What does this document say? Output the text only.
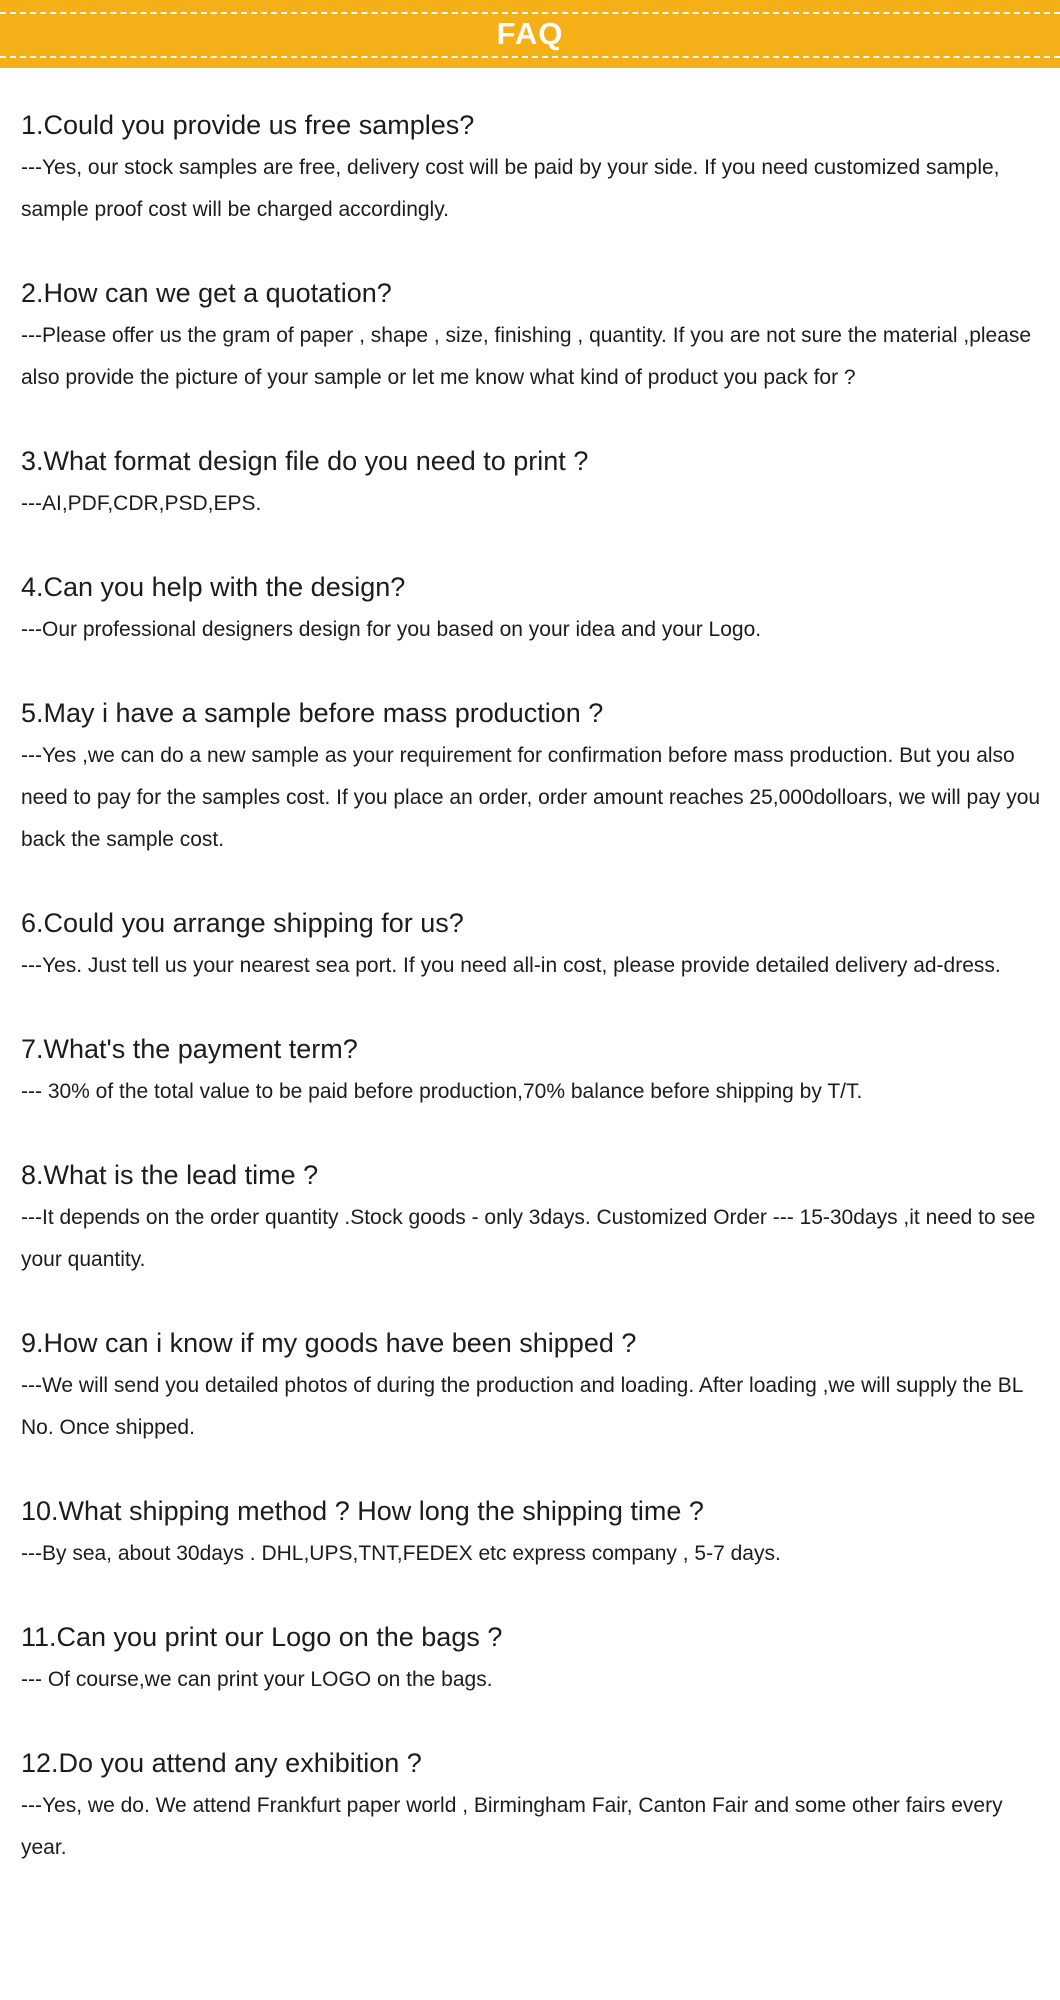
FAQ
1.Could you provide us free samples?

---Yes, our stock samples are free, delivery cost will be paid by your side. If you need customized sample, sample proof cost will be charged accordingly.

2.How can we get a quotation?

---Please offer us the gram of paper , shape , size, finishing , quantity. If you are not sure the material ,please also provide the picture of your sample or let me know what kind of product you pack for ?

3.What format design file do you need to print ?

---AI,PDF,CDR,PSD,EPS.

4.Can you help with the design?

---Our professional designers design for you based on your idea and your Logo.

5.May i have a sample before mass production ?

---Yes ,we can do a new sample as your requirement for confirmation before mass production. But you also need to pay for the samples cost. If you place an order, order amount reaches 25,000dolloars, we will pay you back the sample cost.

6.Could you arrange shipping for us?

---Yes. Just tell us your nearest sea port. If you need all-in cost, please provide detailed delivery ad-dress.

7.What's the payment term?

--- 30% of the total value to be paid before production,70% balance before shipping by T/T.

8.What is the lead time ?

---It depends on the order quantity .Stock goods - only 3days. Customized Order --- 15-30days ,it need to see your quantity.

9.How can i know if my goods have been shipped ?

---We will send you detailed photos of during the production and loading. After loading ,we will supply the BL No. Once shipped.

10.What shipping method ? How long the shipping time ?

---By sea, about 30days . DHL,UPS,TNT,FEDEX etc express company , 5-7 days.

11.Can you print our Logo on the bags ?

--- Of course,we can print your LOGO on the bags.

12.Do you attend any exhibition ?

---Yes, we do. We attend Frankfurt paper world , Birmingham Fair, Canton Fair and some other fairs every year.
